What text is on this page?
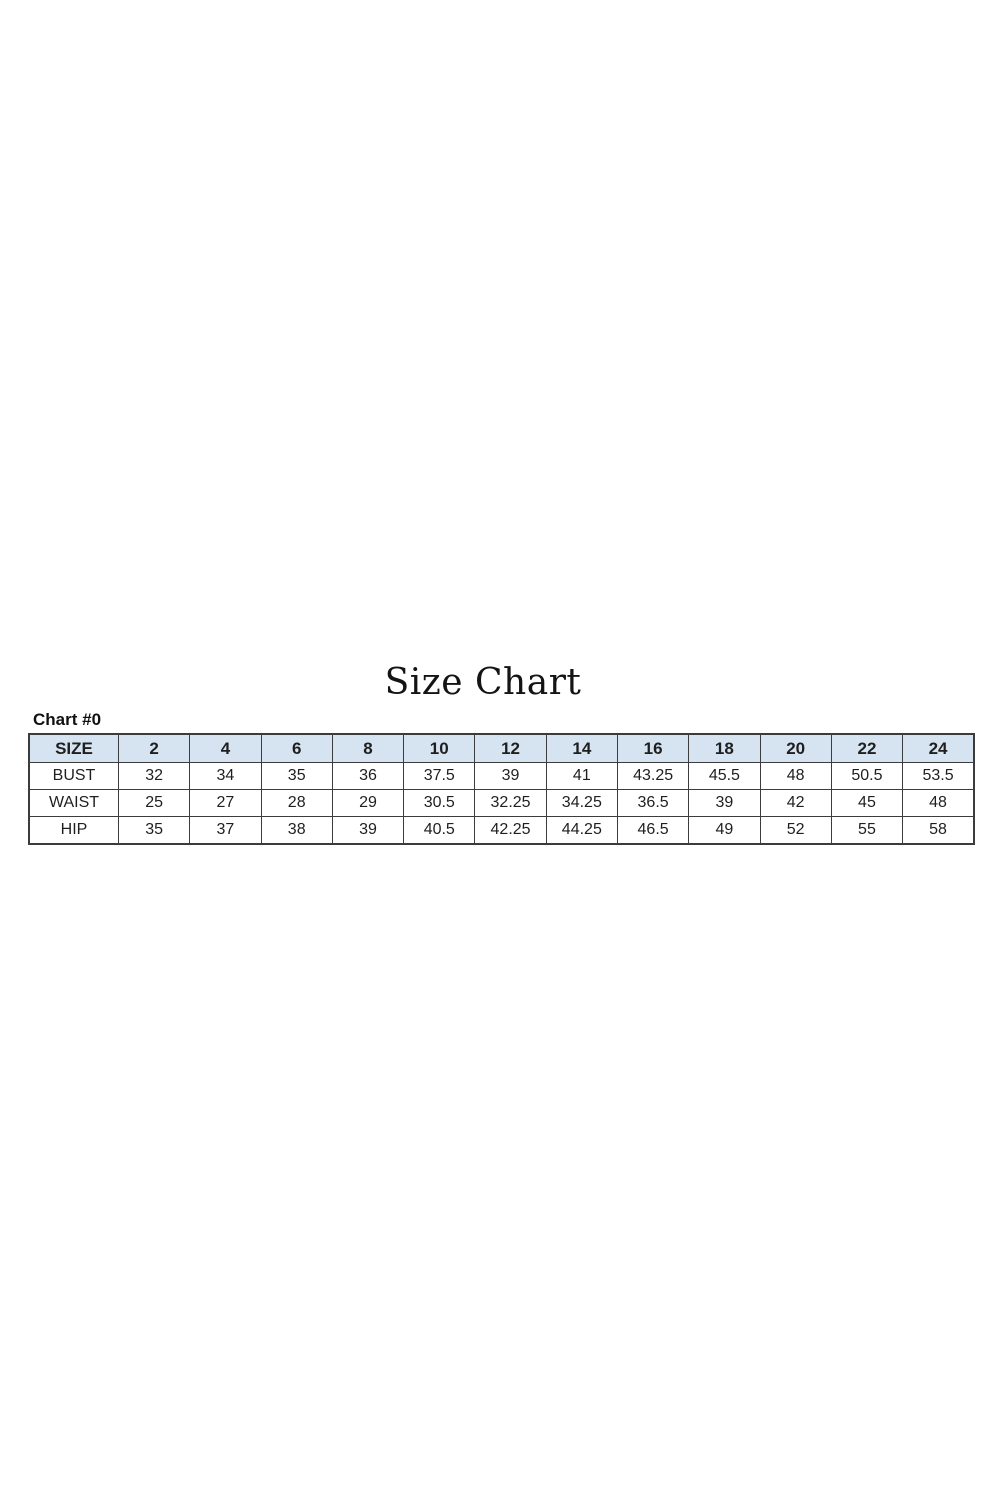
Size Chart
Chart #0
SIZE	2	4	6	8	10	12	14	16	18	20	22	24
BUST	32	34	35	36	37.5	39	41	43.25	45.5	48	50.5	53.5
WAIST	25	27	28	29	30.5	32.25	34.25	36.5	39	42	45	48
HIP	35	37	38	39	40.5	42.25	44.25	46.5	49	52	55	58
